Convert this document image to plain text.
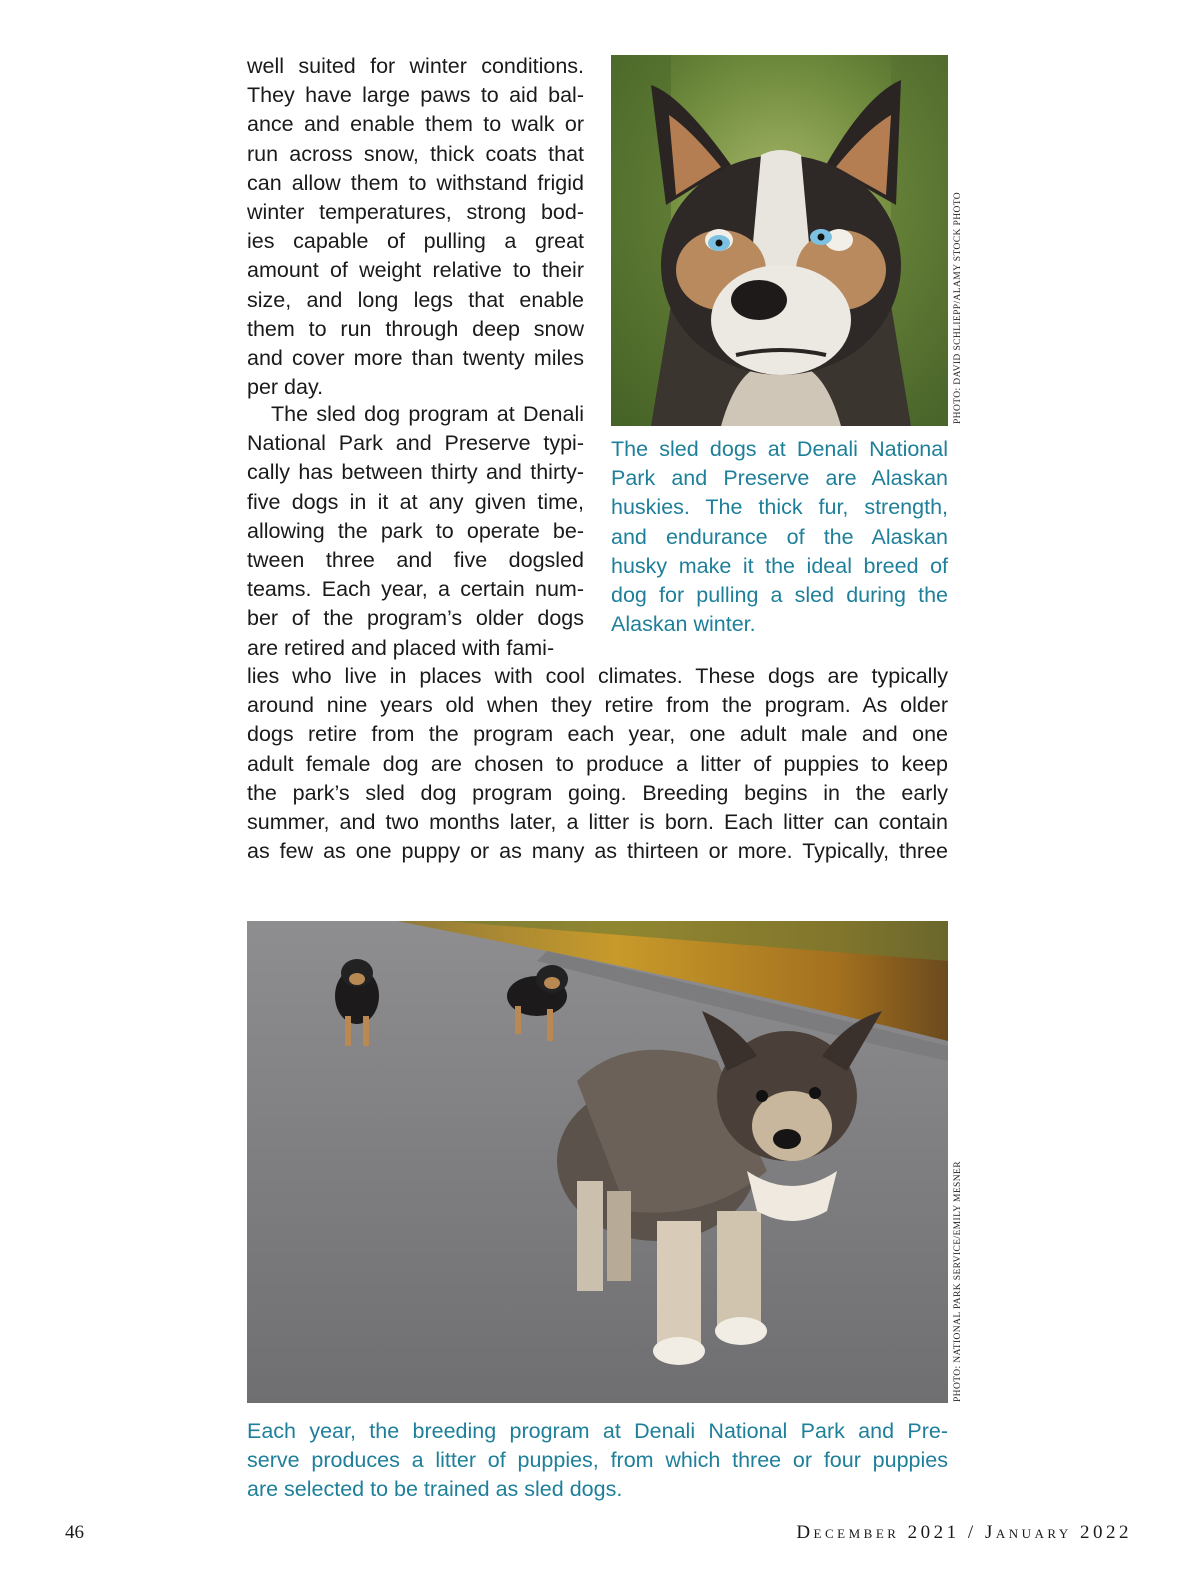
well suited for winter conditions.
They have large paws to aid bal-
ance and enable them to walk or
run across snow, thick coats that
can allow them to withstand frigid
winter temperatures, strong bod-
ies capable of pulling a great
amount of weight relative to their
size, and long legs that enable
them to run through deep snow
and cover more than twenty miles
per day.
The sled dog program at Denali
National Park and Preserve typi-
cally has between thirty and thirty-
five dogs in it at any given time,
allowing the park to operate be-
tween three and five dogsled
teams. Each year, a certain num-
ber of the program’s older dogs
are retired and placed with fami-
lies who live in places with cool climates. These dogs are typically
around nine years old when they retire from the program. As older
dogs retire from the program each year, one adult male and one
adult female dog are chosen to produce a litter of puppies to keep
the park’s sled dog program going. Breeding begins in the early
summer, and two months later, a litter is born. Each litter can contain
as few as one puppy or as many as thirteen or more. Typically, three
PHOTO: DAVID SCHLIEPP/ALAMY STOCK PHOTO
The sled dogs at Denali National
Park and Preserve are Alaskan
huskies. The thick fur, strength,
and endurance of the Alaskan
husky make it the ideal breed of
dog for pulling a sled during the
Alaskan winter.
PHOTO: NATIONAL PARK SERVICE/EMILY MESNER
Each year, the breeding program at Denali National Park and Pre-
serve produces a litter of puppies, from which three or four puppies
are selected to be trained as sled dogs.
46	December 2021 / January 2022
